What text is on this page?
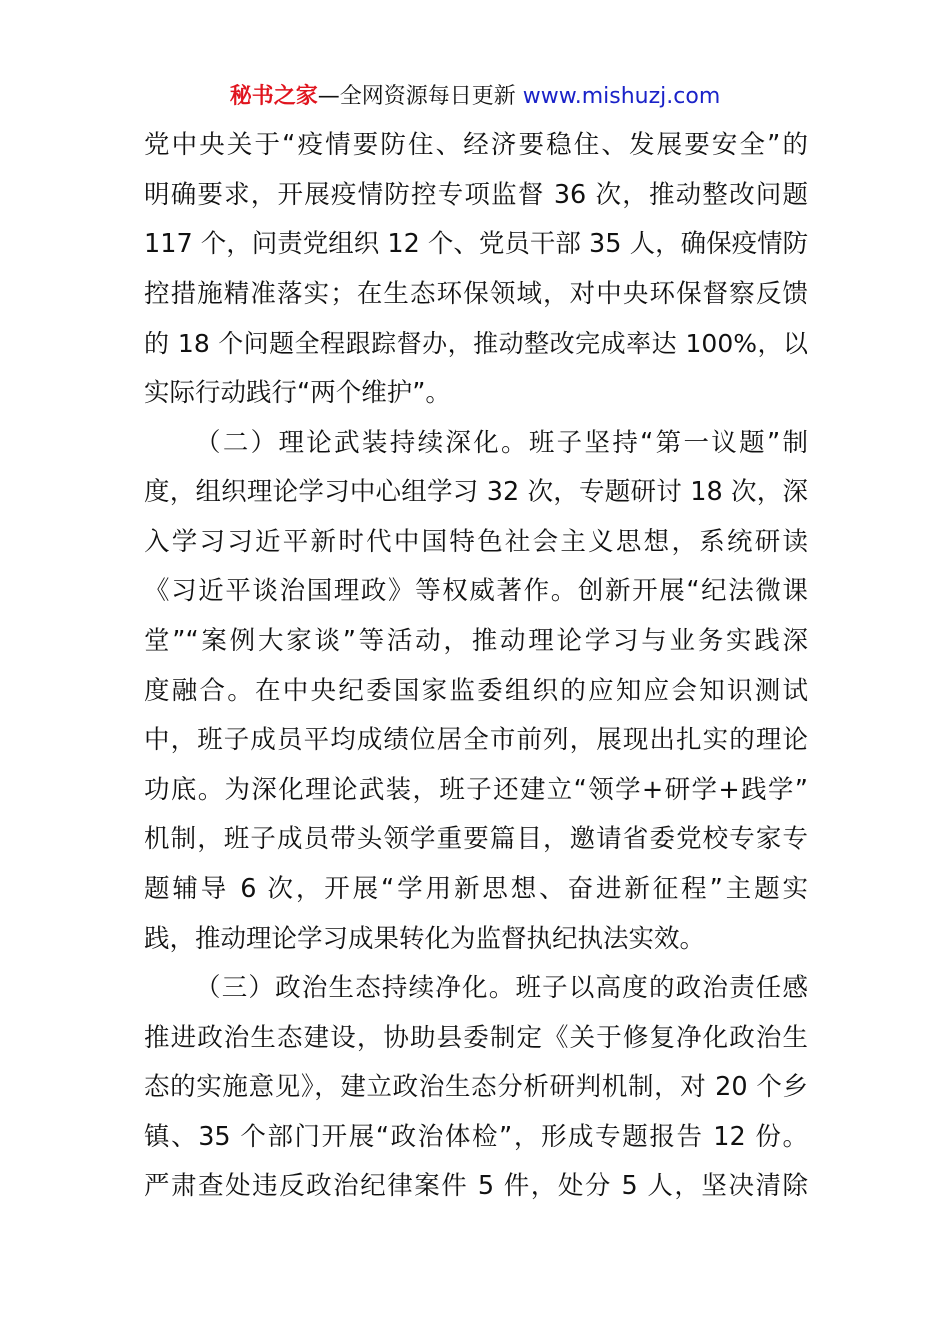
秘书之家—全网资源每日更新 www.mishuzj.com

党中央关于“疫情要防住、经济要稳住、发展要安全”的
明确要求，开展疫情防控专项监督 36 次，推动整改问题
117 个，问责党组织 12 个、党员干部 35 人，确保疫情防
控措施精准落实；在生态环保领域，对中央环保督察反馈
的 18 个问题全程跟踪督办，推动整改完成率达 100%，以
实际行动践行“两个维护”。

（二）理论武装持续深化。班子坚持“第一议题”制
度，组织理论学习中心组学习 32 次，专题研讨 18 次，深
入学习习近平新时代中国特色社会主义思想，系统研读
《习近平谈治国理政》等权威著作。创新开展“纪法微课
堂”“案例大家谈”等活动，推动理论学习与业务实践深
度融合。在中央纪委国家监委组织的应知应会知识测试
中，班子成员平均成绩位居全市前列，展现出扎实的理论
功底。为深化理论武装，班子还建立“领学+研学+践学”
机制，班子成员带头领学重要篇目，邀请省委党校专家专
题辅导 6 次，开展“学用新思想、奋进新征程”主题实
践，推动理论学习成果转化为监督执纪执法实效。

（三）政治生态持续净化。班子以高度的政治责任感
推进政治生态建设，协助县委制定《关于修复净化政治生
态的实施意见》，建立政治生态分析研判机制，对 20 个乡
镇、35 个部门开展“政治体检”，形成专题报告 12 份。
严肃查处违反政治纪律案件 5 件，处分 5 人，坚决清除
